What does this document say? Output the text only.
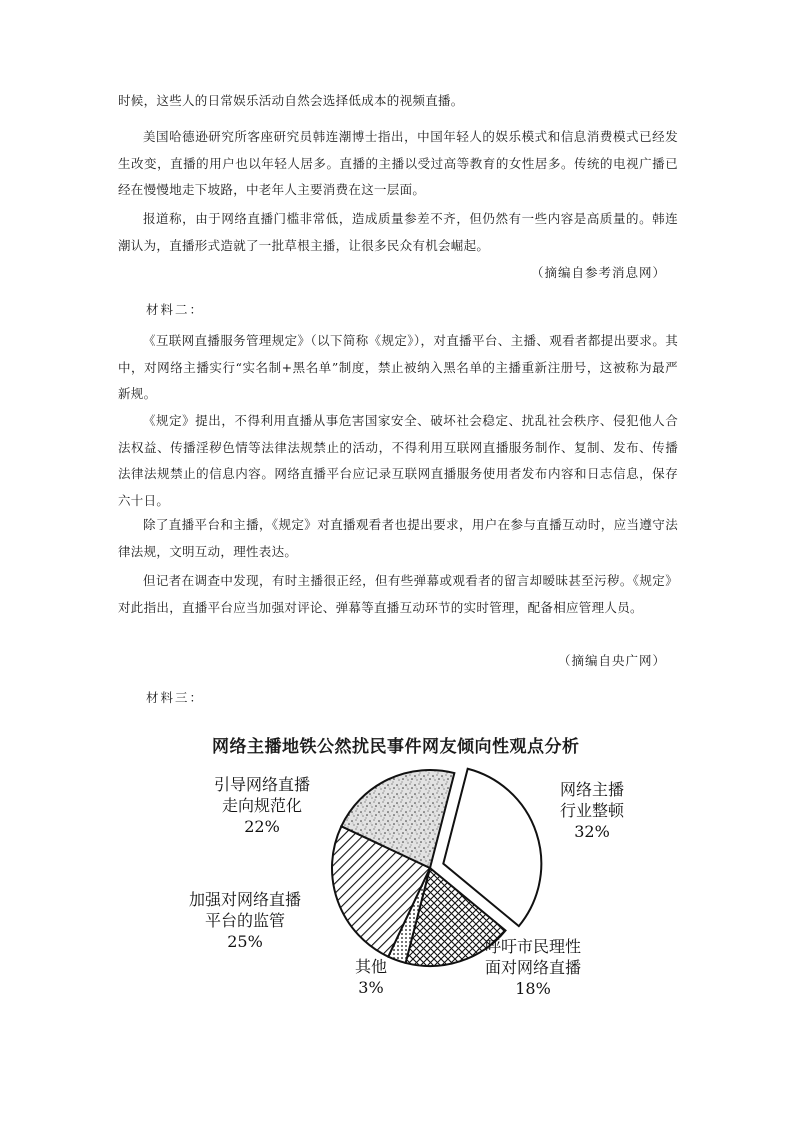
时候，这些人的日常娱乐活动自然会选择低成本的视频直播。

美国哈德逊研究所客座研究员韩连潮博士指出，中国年轻人的娱乐模式和信息消费模式已经发生改变，直播的用户也以年轻人居多。直播的主播以受过高等教育的女性居多。传统的电视广播已经在慢慢地走下坡路，中老年人主要消费在这一层面。

报道称，由于网络直播门槛非常低，造成质量参差不齐，但仍然有一些内容是高质量的。韩连潮认为，直播形式造就了一批草根主播，让很多民众有机会崛起。

（摘编自参考消息网）

材料二：

《互联网直播服务管理规定》（以下简称《规定》），对直播平台、主播、观看者都提出要求。其中，对网络主播实行“实名制+黑名单”制度，禁止被纳入黑名单的主播重新注册号，这被称为最严新规。

《规定》提出，不得利用直播从事危害国家安全、破坏社会稳定、扰乱社会秩序、侵犯他人合法权益、传播淫秽色情等法律法规禁止的活动，不得利用互联网直播服务制作、复制、发布、传播法律法规禁止的信息内容。网络直播平台应记录互联网直播服务使用者发布内容和日志信息，保存六十日。

除了直播平台和主播，《规定》对直播观看者也提出要求，用户在参与直播互动时，应当遵守法律法规，文明互动，理性表达。

但记者在调查中发现，有时主播很正经，但有些弹幕或观看者的留言却暧昧甚至污秽。《规定》对此指出，直播平台应当加强对评论、弹幕等直播互动环节的实时管理，配备相应管理人员。

（摘编自央广网）

材料三：

网络主播地铁公然扰民事件网友倾向性观点分析
网络主播
行业整顿
32%
呼吁市民理性
面对网络直播
18%
其他
3%
加强对网络直播
平台的监管
25%
引导网络直播
走向规范化
22%
